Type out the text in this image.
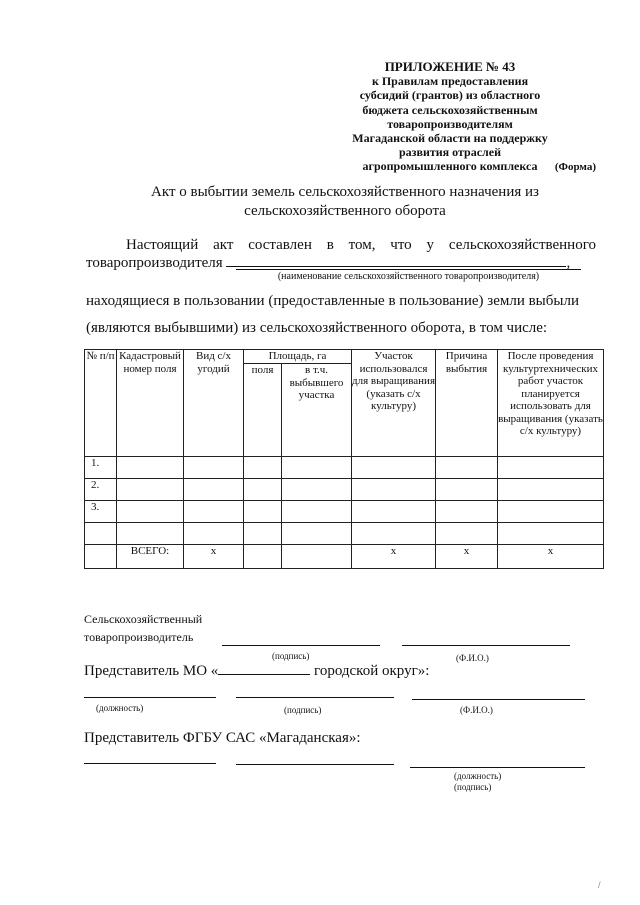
ПРИЛОЖЕНИЕ № 43
к Правилам предоставления
субсидий (грантов) из областного
бюджета сельскохозяйственным
товаропроизводителям
Магаданской области на поддержку
развития отраслей
агропромышленного комплекса	(Форма)
Акт о выбытии земель сельскохозяйственного назначения из
сельскохозяйственного оборота
Настоящий акт составлен в том, что у сельскохозяйственного
товаропроизводителя	,
(наименование сельскохозяйственного товаропроизводителя)
находящиеся в пользовании (предоставленные в пользование) земли выбыли
(являются выбывшими) из сельскохозяйственного оборота, в том числе:
№ п/п	Кадастровый номер поля	Вид с/х угодий	Площадь, га		Участок использовался для выращивания (указать с/х культуру)	Причина выбытия	После проведения культуртехнических работ участок планируется использовать для выращивания (указать с/х культуру)
			поля	в т.ч. выбывшего участка			
1.							
2.							
3.							

	ВСЕГО:	х			х	х	х
Сельскохозяйственный
товаропроизводитель
(подпись)	(Ф.И.О.)
Представитель МО «	городской округ»:
(должность)	(подпись)	(Ф.И.О.)
Представитель ФГБУ САС «Магаданская»:
(должность)
(подпись)
/
